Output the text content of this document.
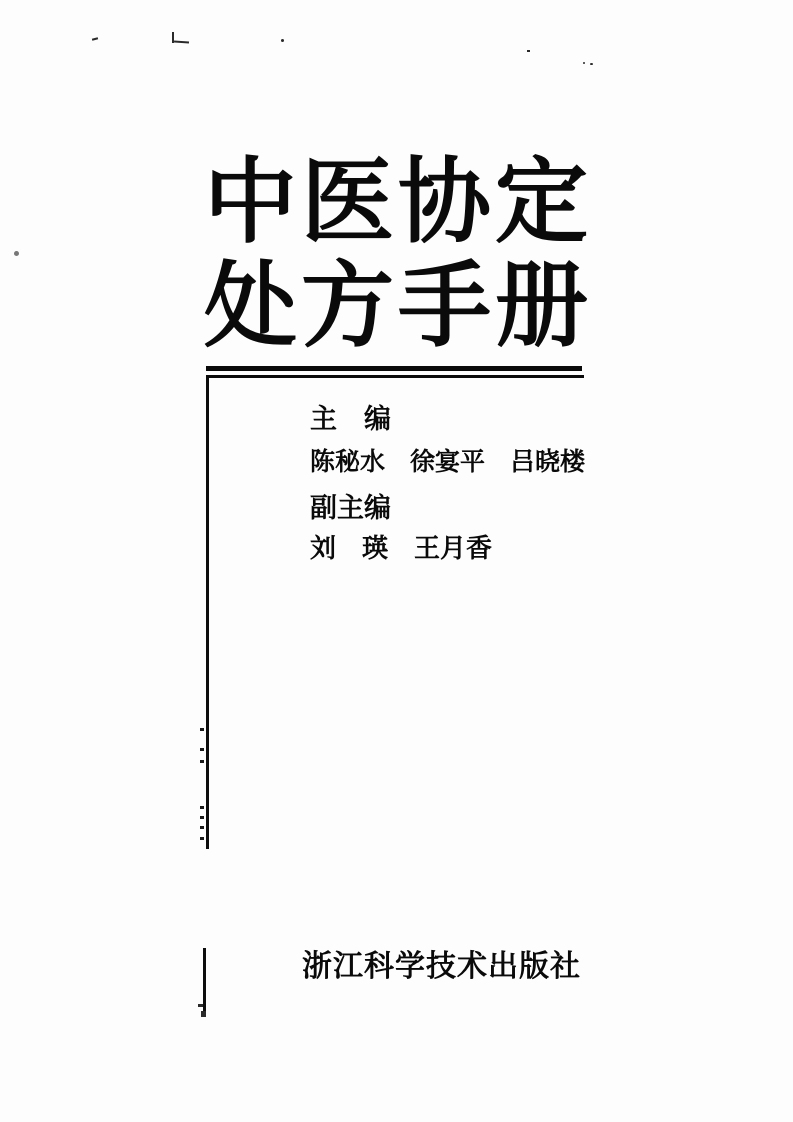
中医协定
处方手册
主　编
陈秘水　徐宴平　吕晓楼
副主编
刘　瑛　王月香
浙江科学技术出版社
